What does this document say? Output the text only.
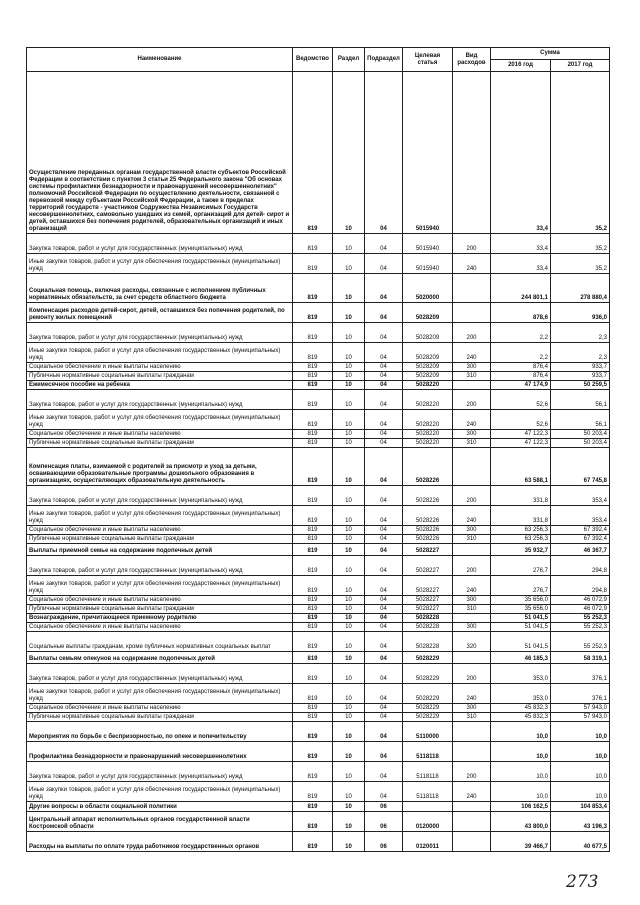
Наименование	Ведомство	Раздел	Подраздел	Целевая статья	Вид расходов	Сумма	
						2016 год	2017 год
Осуществление переданных органам государственной власти субъектов Российской Федерации в соответствии с пунктом 3 статьи 25 Федерального закона "Об основах системы профилактики безнадзорности и правонарушений несовершеннолетних" полномочий Российской Федерации по осуществлению деятельности, связанной с перевозкой между субъектами Российской Федерации, а также в пределах территорий государств - участников Содружества Независимых Государств несовершеннолетних, самовольно ушедших из семей, организаций для детей- сирот и детей, оставшихся без попечения родителей, образовательных организаций и иных организаций	819	10	04	5015940		33,4	35,2
Закупка товаров, работ и услуг для государственных (муниципальных) нужд	819	10	04	5015940	200	33,4	35,2
Иные закупки товаров, работ и услуг для обеспечения государственных (муниципальных) нужд	819	10	04	5015940	240	33,4	35,2
Социальная помощь, включая расходы, связанные с исполнением публичных нормативных обязательств, за счет средств областного бюджета	819	10	04	5020000		244 801,1	278 880,4
Компенсация расходов детей-сирот, детей, оставшихся без попечения родителей, по ремонту жилых помещений	819	10	04	5028209		878,6	936,0
Закупка товаров, работ и услуг для государственных (муниципальных) нужд	819	10	04	5028209	200	2,2	2,3
Иные закупки товаров, работ и услуг для обеспечения государственных (муниципальных) нужд	819	10	04	5028209	240	2,2	2,3
Социальное обеспечение и иные выплаты населению	819	10	04	5028209	300	876,4	933,7
Публичные нормативные социальные выплаты гражданам	819	10	04	5028209	310	876,4	933,7
Ежемесячное пособие на ребенка	819	10	04	5028220		47 174,9	50 259,5
Закупка товаров, работ и услуг для государственных (муниципальных) нужд	819	10	04	5028220	200	52,6	56,1
Иные закупки товаров, работ и услуг для обеспечения государственных (муниципальных) нужд	819	10	04	5028220	240	52,6	56,1
Социальное обеспечение и иные выплаты населению	819	10	04	5028220	300	47 122,3	50 203,4
Публичные нормативные социальные выплаты гражданам	819	10	04	5028220	310	47 122,3	50 203,4
Компенсация платы, взимаемой с родителей за присмотр и уход за детьми, осваивающими образовательные программы дошкольного образования в организациях, осуществляющих образовательную деятельность	819	10	04	5028226		63 588,1	67 745,8
Закупка товаров, работ и услуг для государственных (муниципальных) нужд	819	10	04	5028226	200	331,8	353,4
Иные закупки товаров, работ и услуг для обеспечения государственных (муниципальных) нужд	819	10	04	5028226	240	331,8	353,4
Социальное обеспечение и иные выплаты населению	819	10	04	5028226	300	63 256,3	67 392,4
Публичные нормативные социальные выплаты гражданам	819	10	04	5028226	310	63 256,3	67 392,4
Выплаты приемной семье на содержание подопечных детей	819	10	04	5028227		35 932,7	46 367,7
Закупка товаров, работ и услуг для государственных (муниципальных) нужд	819	10	04	5028227	200	276,7	294,8
Иные закупки товаров, работ и услуг для обеспечения государственных (муниципальных) нужд	819	10	04	5028227	240	276,7	294,8
Социальное обеспечение и иные выплаты населению	819	10	04	5028227	300	35 656,0	46 072,9
Публичные нормативные социальные выплаты гражданам	819	10	04	5028227	310	35 656,0	46 072,9
Вознаграждение, причитающееся приемному родителю	819	10	04	5028228		51 041,5	55 252,3
Социальное обеспечение и иные выплаты населению	819	10	04	5028228	300	51 041,5	55 252,3
Социальные выплаты гражданам, кроме публичных нормативных социальных выплат	819	10	04	5028228	320	51 041,5	55 252,3
Выплаты семьям опекунов на содержание подопечных детей	819	10	04	5028229		46 185,3	58 319,1
Закупка товаров, работ и услуг для государственных (муниципальных) нужд	819	10	04	5028229	200	353,0	376,1
Иные закупки товаров, работ и услуг для обеспечения государственных (муниципальных) нужд	819	10	04	5028229	240	353,0	376,1
Социальное обеспечение и иные выплаты населению	819	10	04	5028229	300	45 832,3	57 943,0
Публичные нормативные социальные выплаты гражданам	819	10	04	5028229	310	45 832,3	57 943,0
Мероприятия по борьбе с беспризорностью, по опеке и попечительству	819	10	04	5110000		10,0	10,0
Профилактика безнадзорности и правонарушений несовершеннолетних	819	10	04	5118118		10,0	10,0
Закупка товаров, работ и услуг для государственных (муниципальных) нужд	819	10	04	5118118	200	10,0	10,0
Иные закупки товаров, работ и услуг для обеспечения государственных (муниципальных) нужд	819	10	04	5118118	240	10,0	10,0
Другие вопросы в области социальной политики	819	10	06			106 162,5	104 853,4
Центральный аппарат исполнительных органов государственной власти Костромской области	819	10	06	0120000		43 800,0	43 196,3
Расходы на выплаты по оплате труда работников государственных органов	819	10	06	0120011		39 466,7	40 677,5
273
